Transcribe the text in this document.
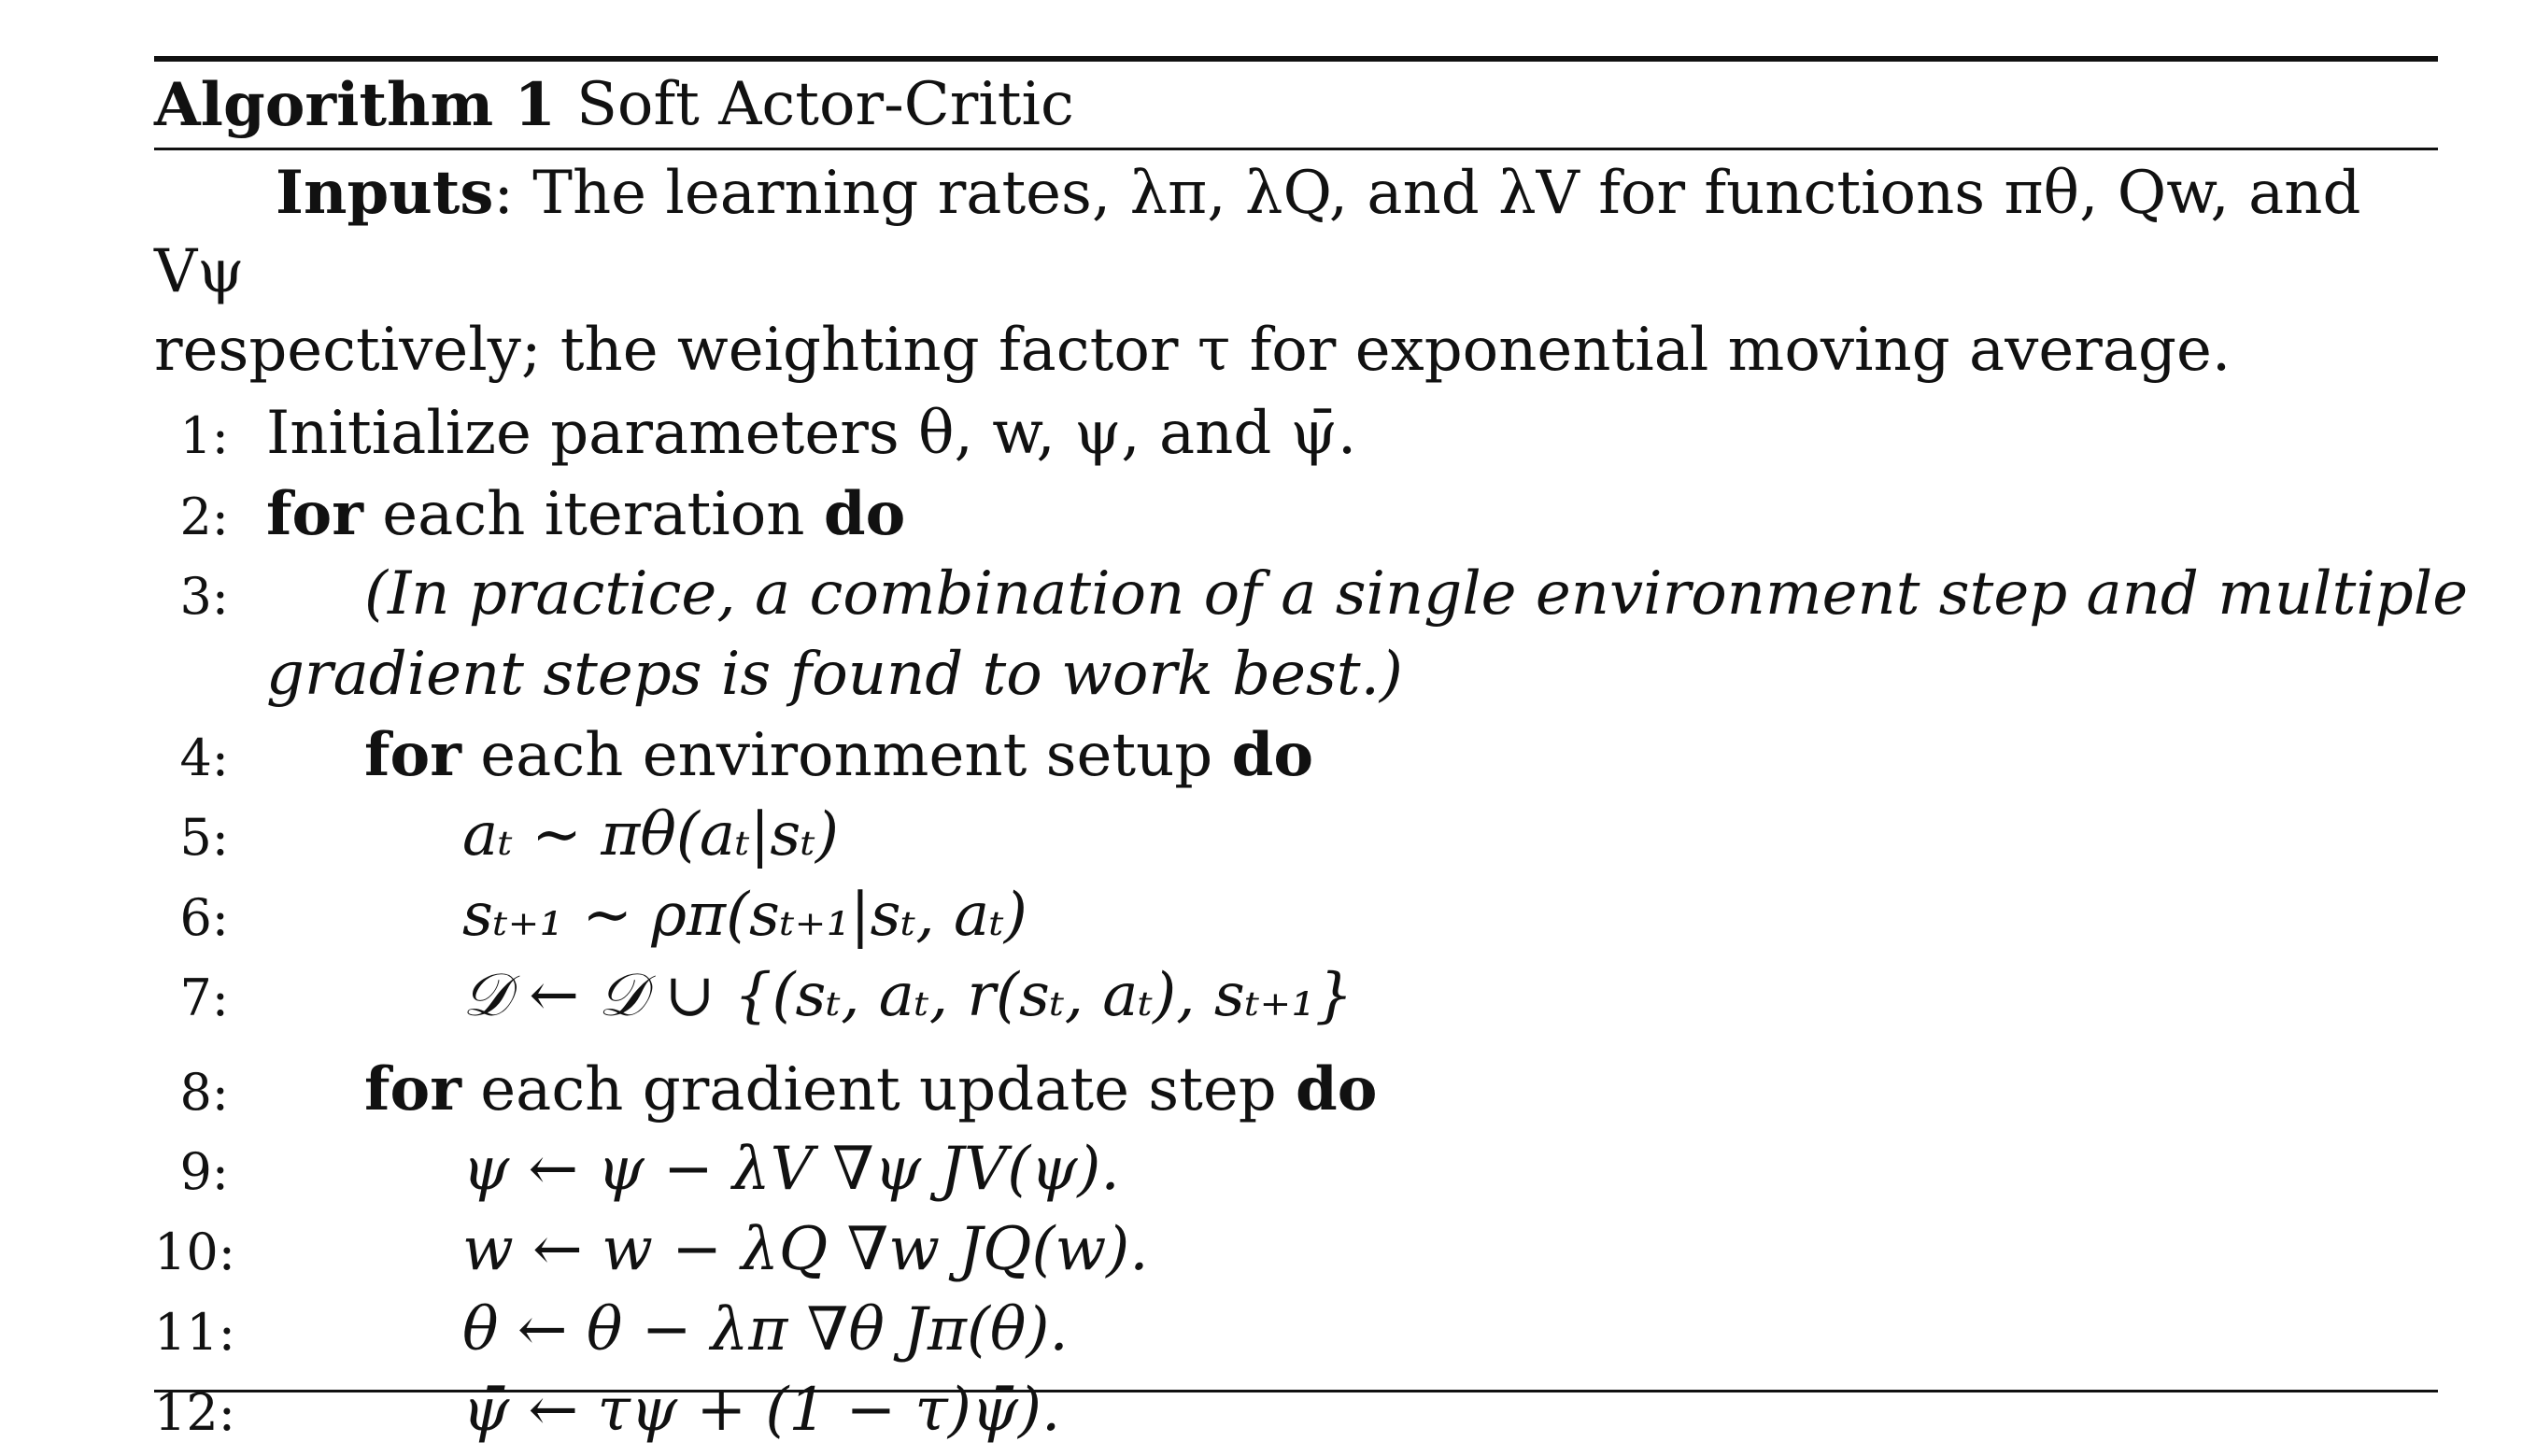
Algorithm 1 Soft Actor-Critic
Inputs: The learning rates, λπ, λQ, and λV for functions πθ, Qw, and Vψ
respectively; the weighting factor τ for exponential moving average.
1: Initialize parameters θ, w, ψ, and ψ̄.
2: for each iteration do
3:	(In practice, a combination of a single environment step and multiple
gradient steps is found to work best.)
4: for each environment setup do
5:	aₜ ∼ πθ(aₜ|sₜ)
6:	sₜ₊₁ ∼ ρπ(sₜ₊₁|sₜ, aₜ)
7:	𝒟 ← 𝒟 ∪ {(sₜ, aₜ, r(sₜ, aₜ), sₜ₊₁}
8: for each gradient update step do
9:	ψ ← ψ − λV ∇ψ JV(ψ).
10:	w ← w − λQ ∇w JQ(w).
11:	θ ← θ − λπ ∇θ Jπ(θ).
12:	ψ̄ ← τψ + (1 − τ)ψ̄).
